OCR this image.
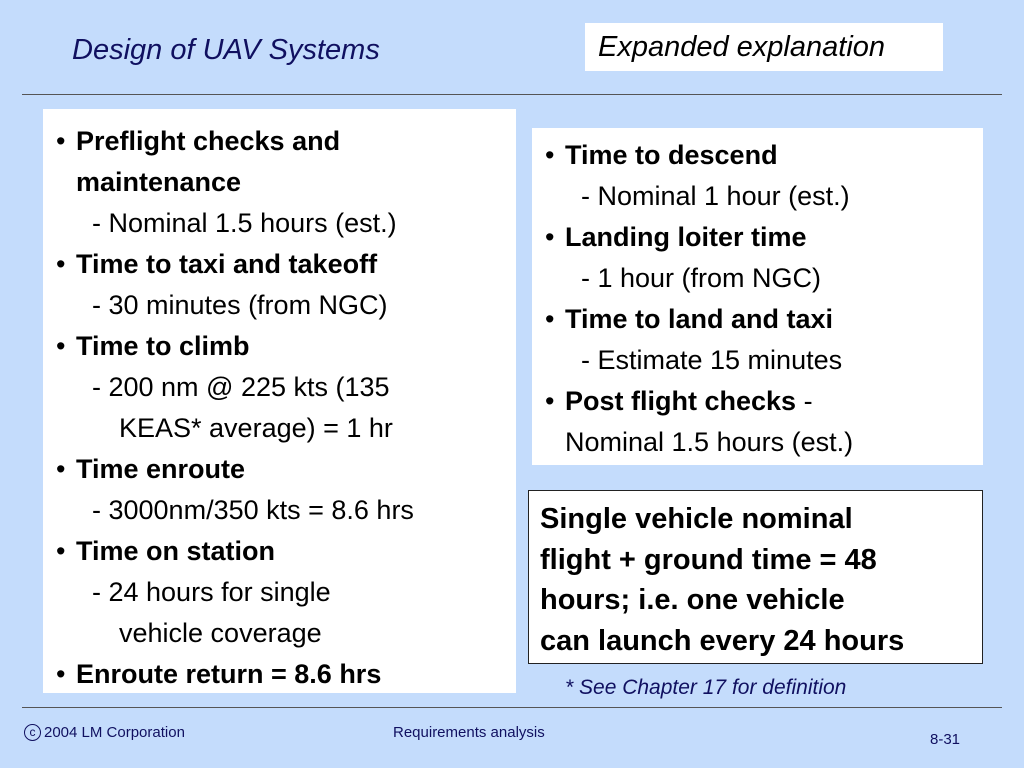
Design of UAV Systems	Expanded explanation
• Preflight checks and
maintenance
- Nominal 1.5 hours (est.)
• Time to taxi and takeoff
- 30 minutes (from NGC)
• Time to climb
- 200 nm @ 225 kts (135
KEAS* average) = 1 hr
• Time enroute
- 3000nm/350 kts = 8.6 hrs
• Time on station
- 24 hours for single
vehicle coverage
• Enroute return = 8.6 hrs
• Time to descend
- Nominal 1 hour (est.)
• Landing loiter time
- 1 hour (from NGC)
• Time to land and taxi
- Estimate 15 minutes
• Post flight checks -
Nominal 1.5 hours (est.)
Single vehicle nominal
flight + ground time = 48
hours; i.e. one vehicle
can launch every 24 hours
* See Chapter 17 for definition
c 2004 LM Corporation	Requirements analysis	8-31
